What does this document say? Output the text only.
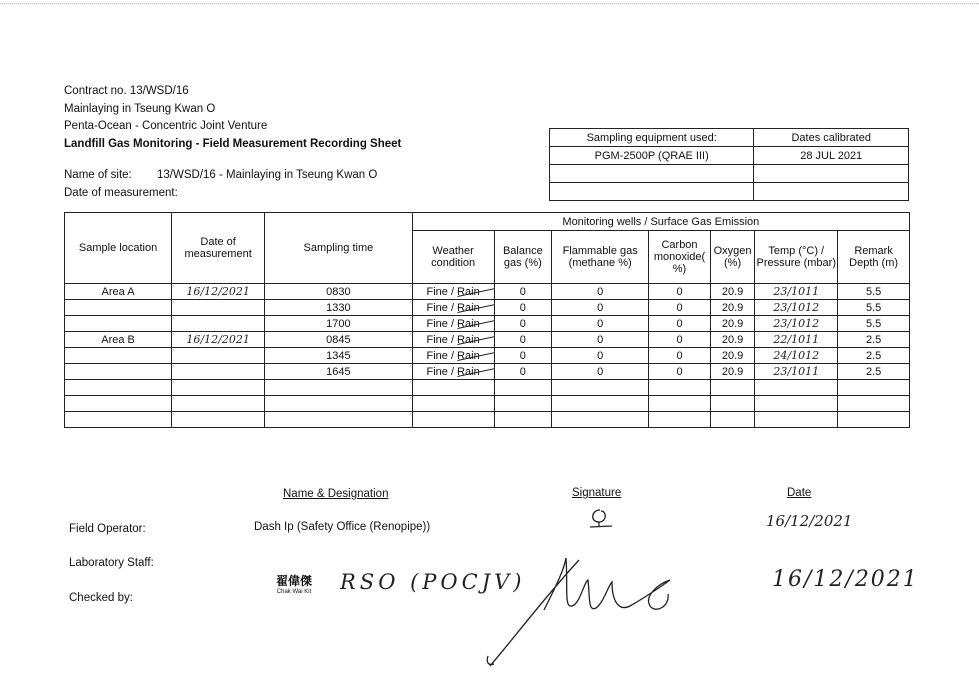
Contract no. 13/WSD/16
Mainlaying in Tseung Kwan O
Penta-Ocean - Concentric Joint Venture
Landfill Gas Monitoring - Field Measurement Recording Sheet
Name of site: 13/WSD/16 - Mainlaying in Tseung Kwan O
Date of measurement:
Sampling equipment used:	Dates calibrated
PGM-2500P (QRAE III)	28 JUL 2021

Sample location	Date of measurement	Sampling time	Monitoring wells / Surface Gas Emission						
			Weather condition	Balance gas (%)	Flammable gas (methane %)	Carbon monoxide( %)	Oxygen (%)	Temp (°C) / Pressure (mbar)	Remark Depth (m)
Area A	16/12/2021	0830	Fine / Rain	0	0	0	20.9	23/1011	5.5
		1330	Fine / Rain	0	0	0	20.9	23/1012	5.5
		1700	Fine / Rain	0	0	0	20.9	23/1012	5.5
Area B	16/12/2021	0845	Fine / Rain	0	0	0	20.9	22/1011	2.5
		1345	Fine / Rain	0	0	0	20.9	24/1012	2.5
		1645	Fine / Rain	0	0	0	20.9	23/1011	2.5

Name & Designation	Signature	Date
Field Operator:	Dash Ip (Safety Office (Renopipe))	16/12/2021
Laboratory Staff:
Checked by:
翟偉傑
Chak Wai Kit RSO (POCJV)	16/12/2021
